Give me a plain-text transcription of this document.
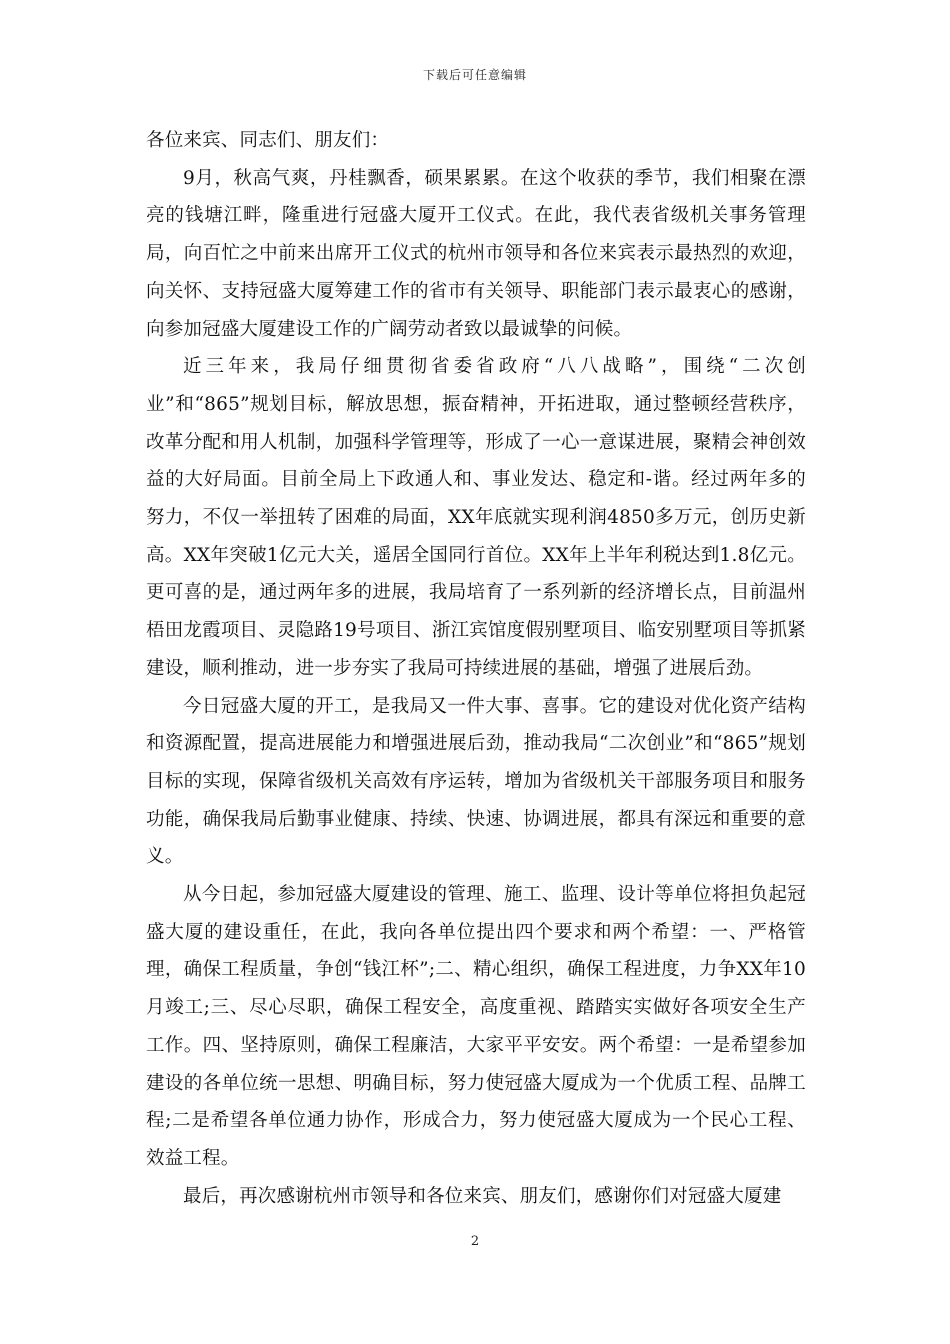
下载后可任意编辑

各位来宾、同志们、朋友们：

9月，秋高气爽，丹桂飘香，硕果累累。在这个收获的季节，我们相聚在漂亮的钱塘江畔，隆重进行冠盛大厦开工仪式。在此，我代表省级机关事务管理局，向百忙之中前来出席开工仪式的杭州市领导和各位来宾表示最热烈的欢迎，向关怀、支持冠盛大厦筹建工作的省市有关领导、职能部门表示最衷心的感谢，向参加冠盛大厦建设工作的广阔劳动者致以最诚挚的问候。

近三年来，我局仔细贯彻省委省政府“八八战略”，围绕“二次创业”和“865”规划目标，解放思想，振奋精神，开拓进取，通过整顿经营秩序，改革分配和用人机制，加强科学管理等，形成了一心一意谋进展，聚精会神创效益的大好局面。目前全局上下政通人和、事业发达、稳定和-谐。经过两年多的努力，不仅一举扭转了困难的局面，XX年底就实现利润4850多万元，创历史新高。XX年突破1亿元大关，遥居全国同行首位。XX年上半年利税达到1.8亿元。更可喜的是，通过两年多的进展，我局培育了一系列新的经济增长点，目前温州梧田龙霞项目、灵隐路19号项目、浙江宾馆度假别墅项目、临安别墅项目等抓紧建设，顺利推动，进一步夯实了我局可持续进展的基础，增强了进展后劲。

今日冠盛大厦的开工，是我局又一件大事、喜事。它的建设对优化资产结构和资源配置，提高进展能力和增强进展后劲，推动我局“二次创业”和“865”规划目标的实现，保障省级机关高效有序运转，增加为省级机关干部服务项目和服务功能，确保我局后勤事业健康、持续、快速、协调进展，都具有深远和重要的意义。

从今日起，参加冠盛大厦建设的管理、施工、监理、设计等单位将担负起冠盛大厦的建设重任，在此，我向各单位提出四个要求和两个希望：一、严格管理，确保工程质量，争创“钱江杯”;二、精心组织，确保工程进度，力争XX年10月竣工;三、尽心尽职，确保工程安全，高度重视、踏踏实实做好各项安全生产工作。四、坚持原则，确保工程廉洁，大家平平安安。两个希望：一是希望参加建设的各单位统一思想、明确目标，努力使冠盛大厦成为一个优质工程、品牌工程;二是希望各单位通力协作，形成合力，努力使冠盛大厦成为一个民心工程、效益工程。

最后，再次感谢杭州市领导和各位来宾、朋友们，感谢你们对冠盛大厦建

2
